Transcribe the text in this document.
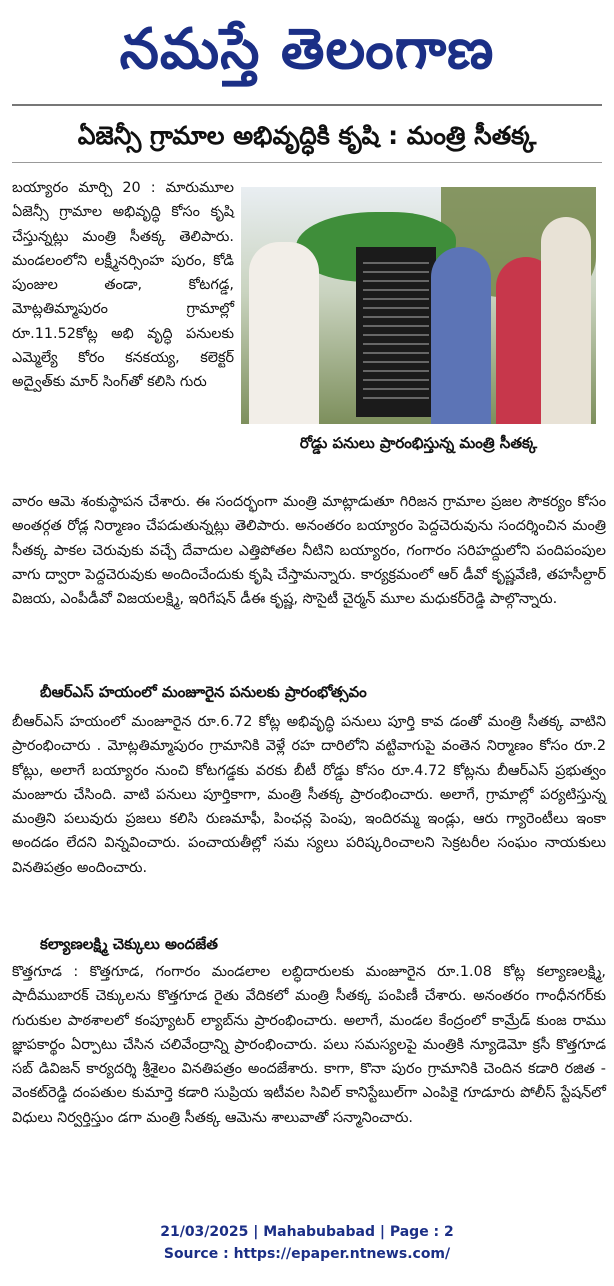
నమస్తే తెలంగాణ
ఏజెన్సీ గ్రామాల అభివృద్ధికి కృషి : మంత్రి సీతక్క

బయ్యారం మార్చి 20 : మారుమూల ఏజెన్సీ గ్రామాల అభివృద్ధి కోసం కృషి చేస్తున్నట్లు మంత్రి సీతక్క తెలిపారు. మండలంలోని లక్ష్మీనర్సింహ పురం, కోడి పుంజుల తండా, కోటగడ్డ, మోట్లతిమ్మాపురం గ్రామాల్లో రూ.11.52కోట్ల అభి వృద్ధి పనులకు ఎమ్మెల్యే కోరం కనకయ్య, కలెక్టర్ అద్వైత్‌కు మార్ సింగ్‌తో కలిసి గురు

రోడ్డు పనులు ప్రారంభిస్తున్న మంత్రి సీతక్క

వారం ఆమె శంకుస్థాపన చేశారు. ఈ సందర్భంగా మంత్రి మాట్లాడుతూ గిరిజన గ్రామాల ప్రజల సౌకర్యం కోసం అంతర్గత రోడ్ల నిర్మాణం చేపడుతున్నట్లు తెలిపారు. అనంతరం బయ్యారం పెద్దచెరువును సందర్శించిన మంత్రి సీతక్క పాకల చెరువుకు వచ్చే దేవాదుల ఎత్తిపోతల నీటిని బయ్యారం, గంగారం సరిహద్దులోని పందిపంపుల వాగు ద్వారా పెద్దచెరువుకు అందించేందుకు కృషి చేస్తామన్నారు. కార్యక్రమంలో ఆర్ డీవో కృష్ణవేణి, తహసీల్దార్ విజయ, ఎంపీడీవో విజయలక్ష్మి, ఇరిగేషన్ డీఈ కృష్ణ, సొసైటీ చైర్మన్ మూల మధుకర్‌రెడ్డి పాల్గొన్నారు.

బీఆర్ఎస్ హయంలో మంజూరైన పనులకు ప్రారంభోత్సవం

బీఆర్ఎస్ హయంలో మంజూరైన రూ.6.72 కోట్ల అభివృద్ధి పనులు పూర్తి కావ డంతో మంత్రి సీతక్క వాటిని ప్రారంభించారు . మోట్లతిమ్మాపురం గ్రామానికి వెళ్లే రహ దారిలోని వట్టివాగుపై వంతెన నిర్మాణం కోసం రూ.2 కోట్లు, అలాగే బయ్యారం నుంచి కోటగడ్డకు వరకు బీటీ రోడ్డు కోసం రూ.4.72 కోట్లను బీఆర్ఎస్ ప్రభుత్వం మంజూరు చేసింది. వాటి పనులు పూర్తికాగా, మంత్రి సీతక్క ప్రారంభించారు. అలాగే, గ్రామాల్లో పర్యటిస్తున్న మంత్రిని పలువురు ప్రజలు కలిసి రుణమాఫీ, పింఛన్ల పెంపు, ఇందిరమ్మ ఇండ్లు, ఆరు గ్యారెంటీలు ఇంకా అందడం లేదని విన్నవించారు. పంచాయతీల్లో సమ స్యలు పరిష్కరించాలని సెక్రటరీల సంఘం నాయకులు వినతిపత్రం అందించారు.

కల్యాణలక్ష్మి చెక్కులు అందజేత

కొత్తగూడ : కొత్తగూడ, గంగారం మండలాల లబ్ధిదారులకు మంజూరైన రూ.1.08 కోట్ల కల్యాణలక్ష్మి, షాదీముబారక్ చెక్కులను కొత్తగూడ రైతు వేదికలో మంత్రి సీతక్క పంపిణీ చేశారు. అనంతరం గాంధీనగర్‌కు గురుకుల పాఠశాలలో కంప్యూటర్ ల్యాబ్‌ను ప్రారంభించారు. అలాగే, మండల కేంద్రంలో కామ్రేడ్ కుంజ రాము జ్ఞాపకార్థం ఏర్పాటు చేసిన చలివేంద్రాన్ని ప్రారంభించారు. పలు సమస్యలపై మంత్రికి న్యూడెమో క్రసీ కొత్తగూడ సబ్ డివిజన్ కార్యదర్శి శ్రీశైలం వినతిపత్రం అందజేశారు. కాగా, కొనా పురం గ్రామానికి చెందిన కడారి రజిత - వెంకట్‌రెడ్డి దంపతుల కుమార్తె కడారి సుప్రియ ఇటీవల సివిల్ కానిస్టేబుల్‌గా ఎంపికై గూడూరు పోలీస్ స్టేషన్‌లో విధులు నిర్వర్తిస్తుం డగా మంత్రి సీతక్క ఆమెను శాలువాతో సన్మానించారు.

21/03/2025 | Mahabubabad | Page : 2
Source : https://epaper.ntnews.com/
